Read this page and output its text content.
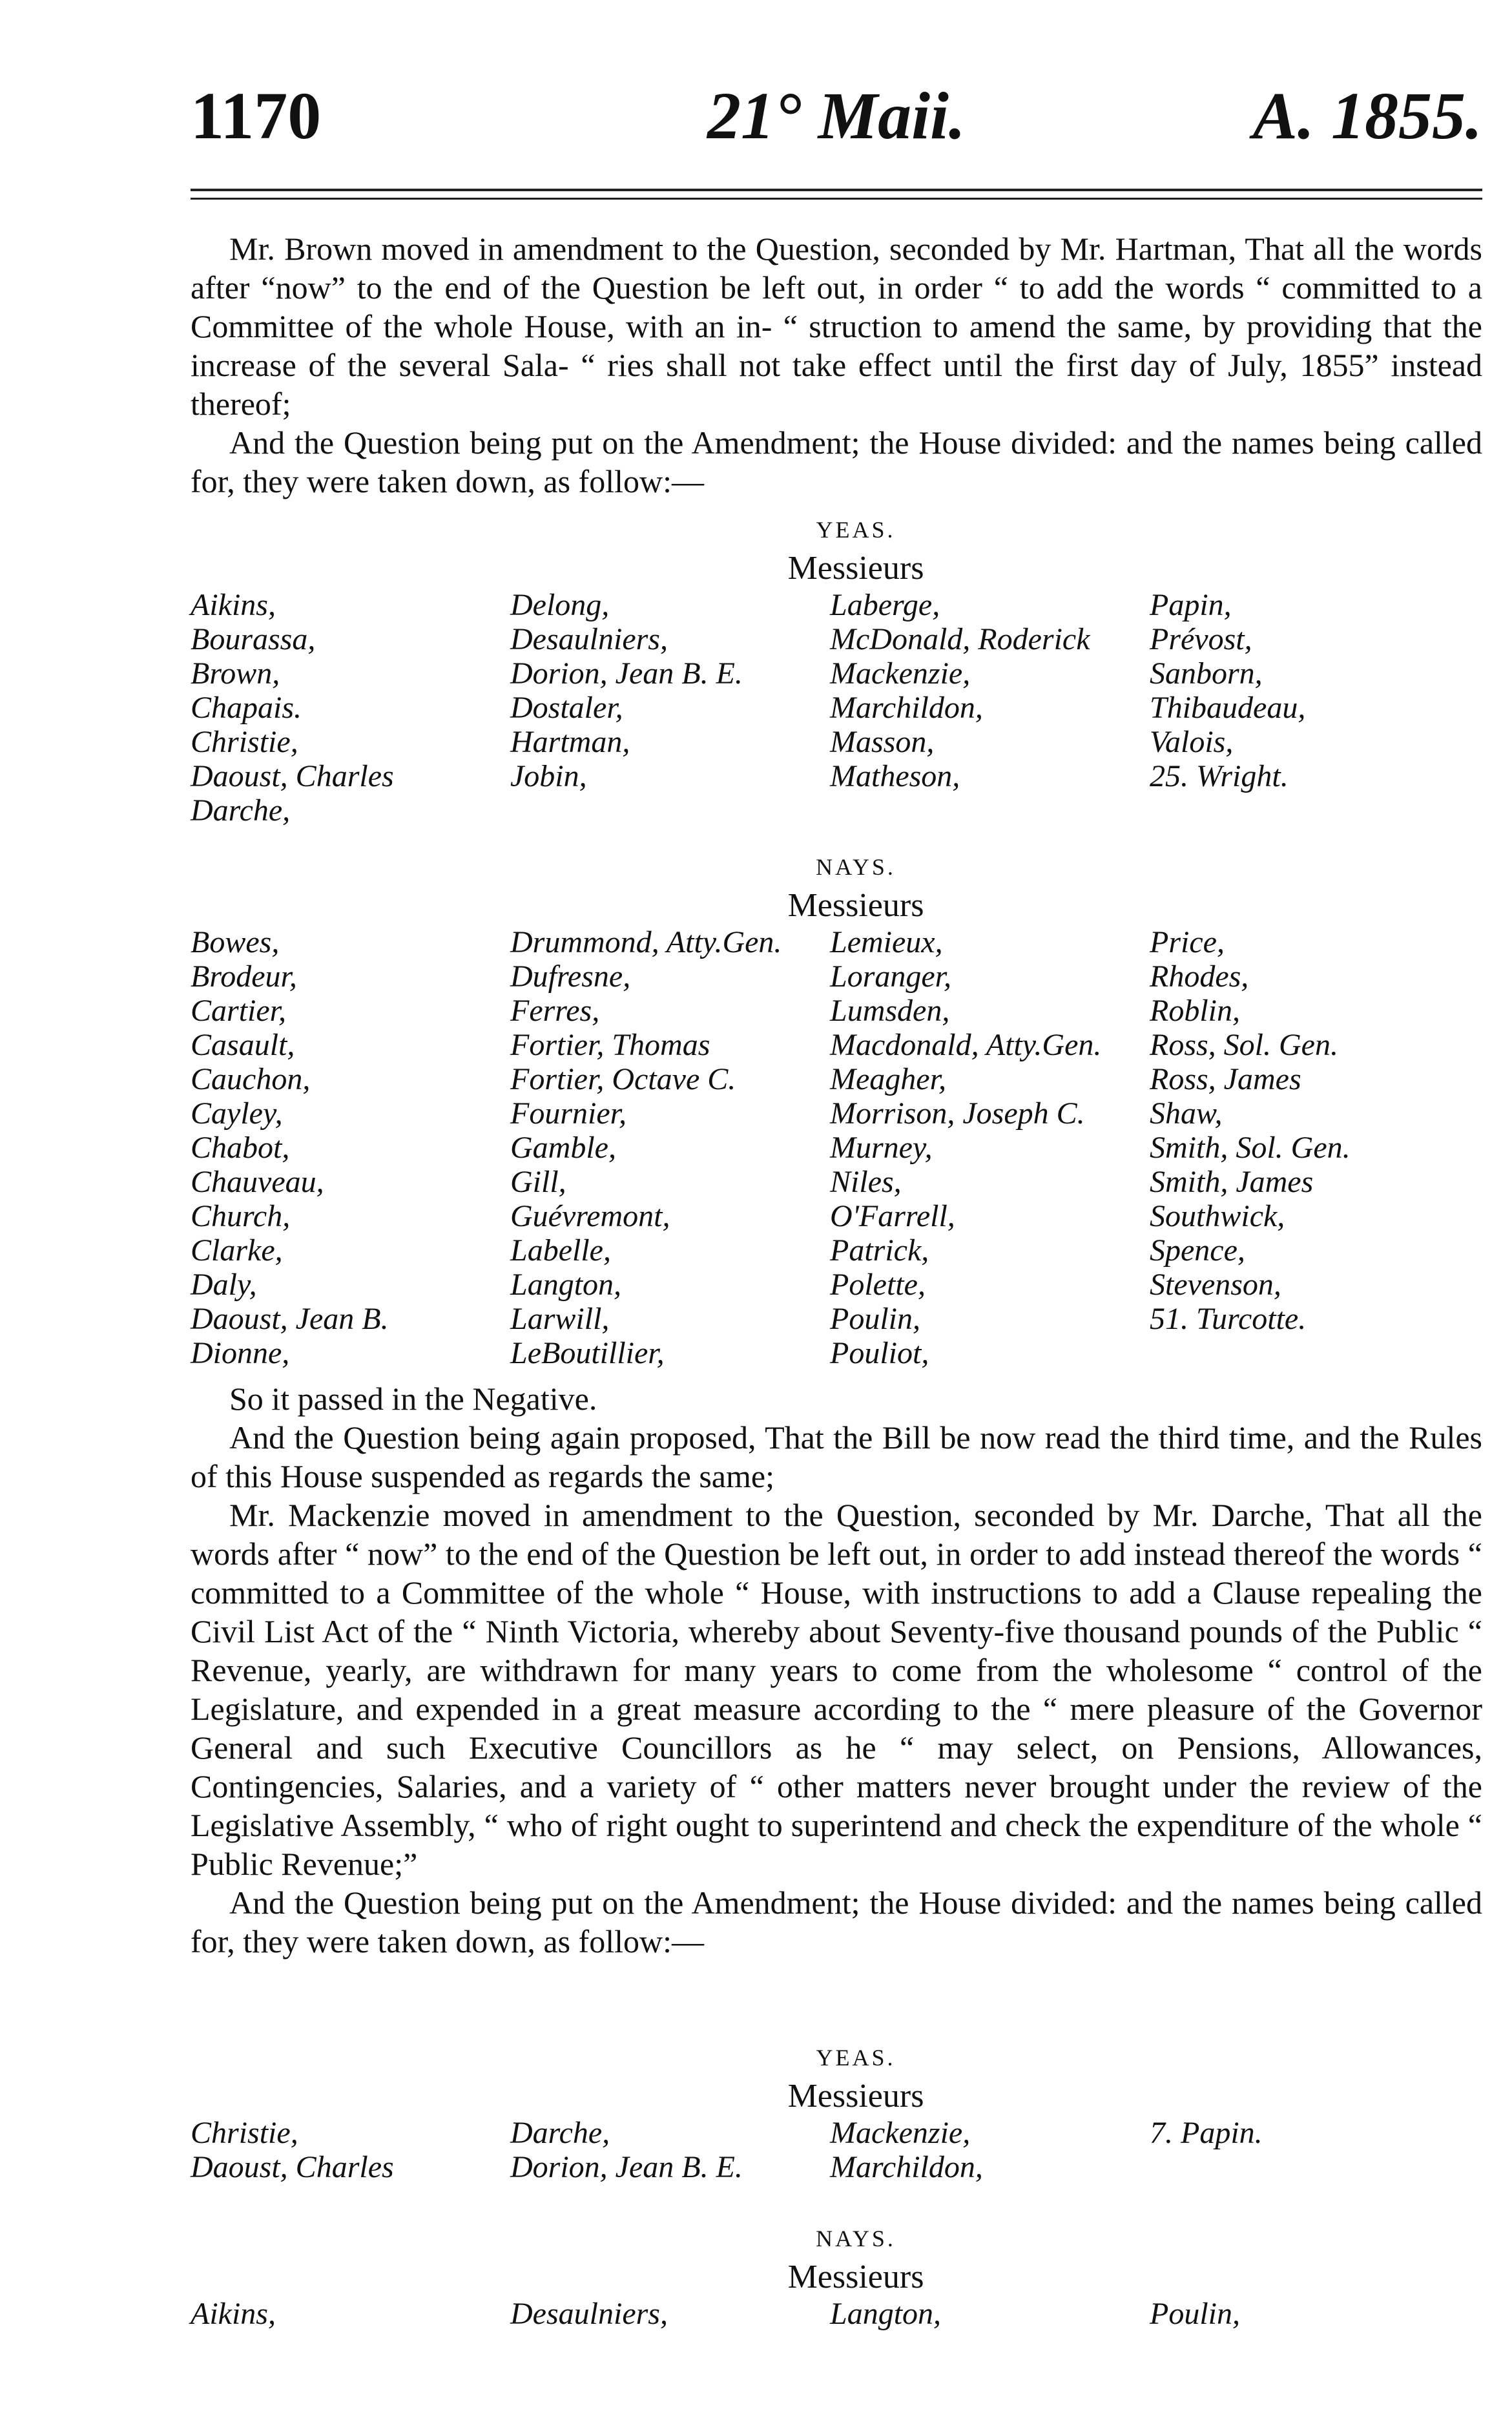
1170	21° Maii.	A. 1855.

Mr. Brown moved in amendment to the Question, seconded by Mr. Hartman, That all the words after “now” to the end of the Question be left out, in order “ to add the words “ committed to a Committee of the whole House, with an in- “ struction to amend the same, by providing that the increase of the several Sala- “ ries shall not take effect until the first day of July, 1855” instead thereof;

And the Question being put on the Amendment; the House divided: and the names being called for, they were taken down, as follow:—

YEAS.
Messieurs
Aikins,	Delong,	Laberge,	Papin,
Bourassa,	Desaulniers,	McDonald, Roderick	Prévost,
Brown,	Dorion, Jean B. E.	Mackenzie,	Sanborn,
Chapais.	Dostaler,	Marchildon,	Thibaudeau,
Christie,	Hartman,	Masson,	Valois,
Daoust, Charles	Jobin,	Matheson,	25. Wright.
Darche,
NAYS.
Messieurs
Bowes,	Drummond, Atty.Gen.	Lemieux,	Price,
Brodeur,	Dufresne,	Loranger,	Rhodes,
Cartier,	Ferres,	Lumsden,	Roblin,
Casault,	Fortier, Thomas	Macdonald, Atty.Gen.	Ross, Sol. Gen.
Cauchon,	Fortier, Octave C.	Meagher,	Ross, James
Cayley,	Fournier,	Morrison, Joseph C.	Shaw,
Chabot,	Gamble,	Murney,	Smith, Sol. Gen.
Chauveau,	Gill,	Niles,	Smith, James
Church,	Guévremont,	O'Farrell,	Southwick,
Clarke,	Labelle,	Patrick,	Spence,
Daly,	Langton,	Polette,	Stevenson,
Daoust, Jean B.	Larwill,	Poulin,	51. Turcotte.
Dionne,	LeBoutillier,	Pouliot,

So it passed in the Negative.

And the Question being again proposed, That the Bill be now read the third time, and the Rules of this House suspended as regards the same;

Mr. Mackenzie moved in amendment to the Question, seconded by Mr. Darche, That all the words after “ now” to the end of the Question be left out, in order to add instead thereof the words “ committed to a Committee of the whole “ House, with instructions to add a Clause repealing the Civil List Act of the “ Ninth Victoria, whereby about Seventy-five thousand pounds of the Public “ Revenue, yearly, are withdrawn for many years to come from the wholesome “ control of the Legislature, and expended in a great measure according to the “ mere pleasure of the Governor General and such Executive Councillors as he “ may select, on Pensions, Allowances, Contingencies, Salaries, and a variety of “ other matters never brought under the review of the Legislative Assembly, “ who of right ought to superintend and check the expenditure of the whole “ Public Revenue;”

And the Question being put on the Amendment; the House divided: and the names being called for, they were taken down, as follow:—

YEAS.
Messieurs
Christie,	Darche,	Mackenzie,	7. Papin.
Daoust, Charles	Dorion, Jean B. E.	Marchildon,
NAYS.
Messieurs
Aikins,	Desaulniers,	Langton,	Poulin,
